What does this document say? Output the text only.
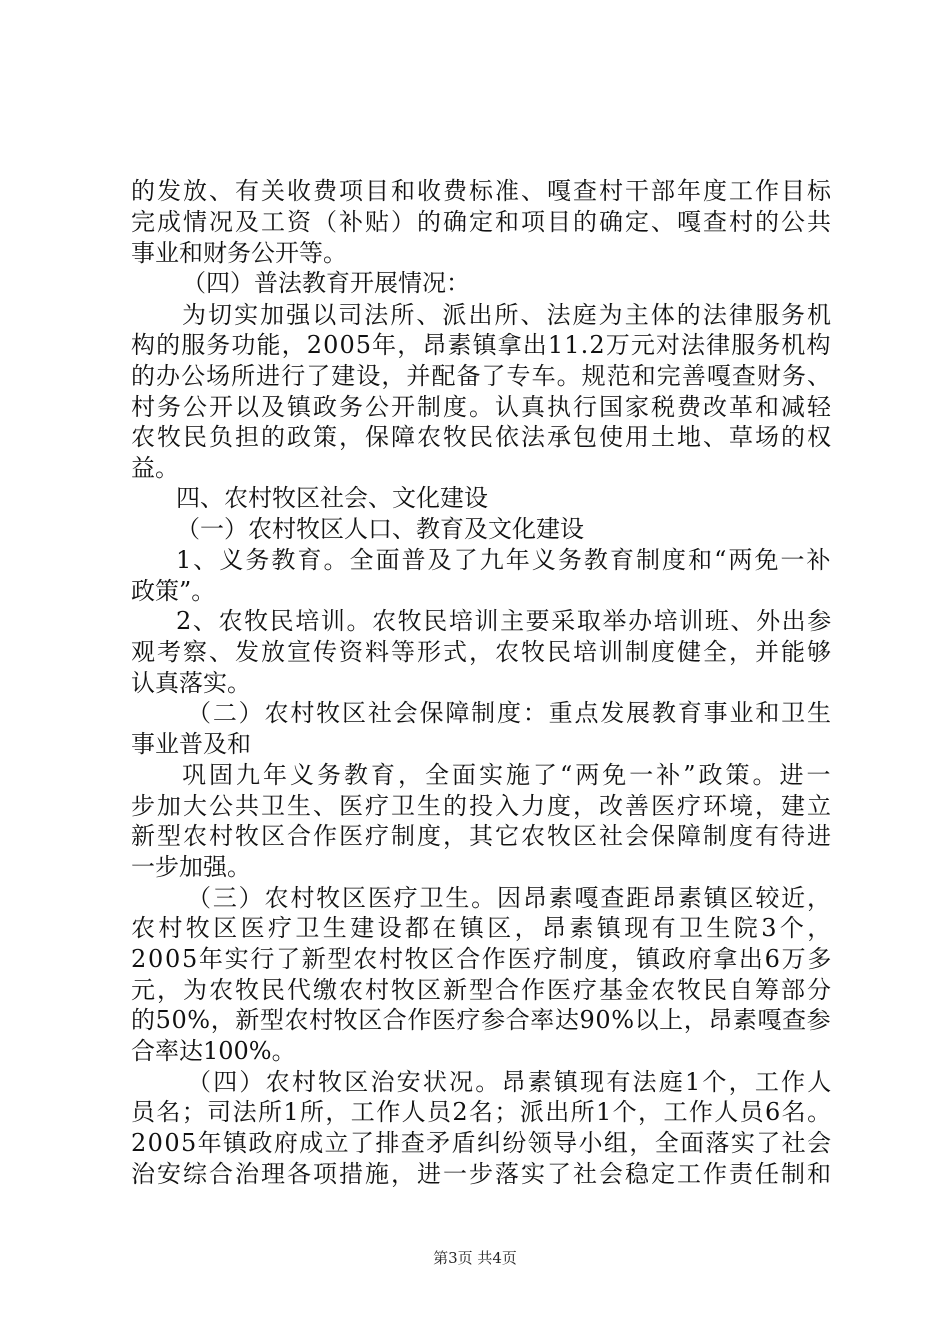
的发放、有关收费项目和收费标准、嘎查村干部年度工作目标
完成情况及工资（补贴）的确定和项目的确定、嘎查村的公共
事业和财务公开等。
（四）普法教育开展情况：
为切实加强以司法所、派出所、法庭为主体的法律服务机
构的服务功能，2005年，昂素镇拿出11.2万元对法律服务机构
的办公场所进行了建设，并配备了专车。规范和完善嘎查财务、
村务公开以及镇政务公开制度。认真执行国家税费改革和减轻
农牧民负担的政策，保障农牧民依法承包使用土地、草场的权
益。
四、农村牧区社会、文化建设
（一）农村牧区人口、教育及文化建设
1、义务教育。全面普及了九年义务教育制度和“两免一补
政策”。
2、农牧民培训。农牧民培训主要采取举办培训班、外出参
观考察、发放宣传资料等形式，农牧民培训制度健全，并能够
认真落实。
（二）农村牧区社会保障制度：重点发展教育事业和卫生
事业普及和
巩固九年义务教育，全面实施了“两免一补”政策。进一
步加大公共卫生、医疗卫生的投入力度，改善医疗环境，建立
新型农村牧区合作医疗制度，其它农牧区社会保障制度有待进
一步加强。
（三）农村牧区医疗卫生。因昂素嘎查距昂素镇区较近，
农村牧区医疗卫生建设都在镇区，昂素镇现有卫生院3个，
2005年实行了新型农村牧区合作医疗制度，镇政府拿出6万多
元，为农牧民代缴农村牧区新型合作医疗基金农牧民自筹部分
的50%，新型农村牧区合作医疗参合率达90%以上，昂素嘎查参
合率达100%。
（四）农村牧区治安状况。昂素镇现有法庭1个，工作人
员名；司法所1所，工作人员2名；派出所1个，工作人员6名。
2005年镇政府成立了排查矛盾纠纷领导小组，全面落实了社会
治安综合治理各项措施，进一步落实了社会稳定工作责任制和
第3页 共4页
